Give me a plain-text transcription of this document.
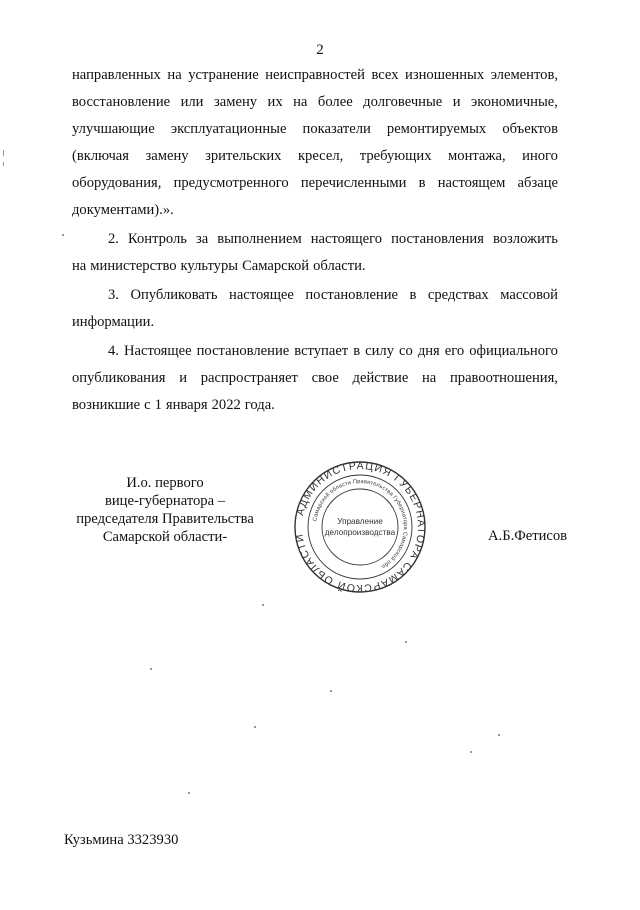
2
направленных на устранение неисправностей всех изношенных элементов,
восстановление или замену их на более долговечные и экономичные,
улучшающие эксплуатационные показатели ремонтируемых объектов
(включая замену зрительских кресел, требующих монтажа, иного
оборудования, предусмотренного перечисленными в настоящем абзаце
документами).».
2. Контроль за выполнением настоящего постановления возложить
на министерство культуры Самарской области.
3. Опубликовать настоящее постановление в средствах массовой
информации.
4. Настоящее постановление вступает в силу со дня его официального
опубликования и распространяет свое действие на правоотношения,
возникшие с 1 января 2022 года.
И.о. первого
вице-губернатора –
председателя Правительства
Самарской области-
АДМИНИСТРАЦИЯ ГУБЕРНАТОРА САМАРСКОЙ ОБЛАСТИ
Самарской области Правительства Губернатора Самарской обл.
Управление
делопроизводства	А.Б.Фетисов
Кузьмина 3323930
